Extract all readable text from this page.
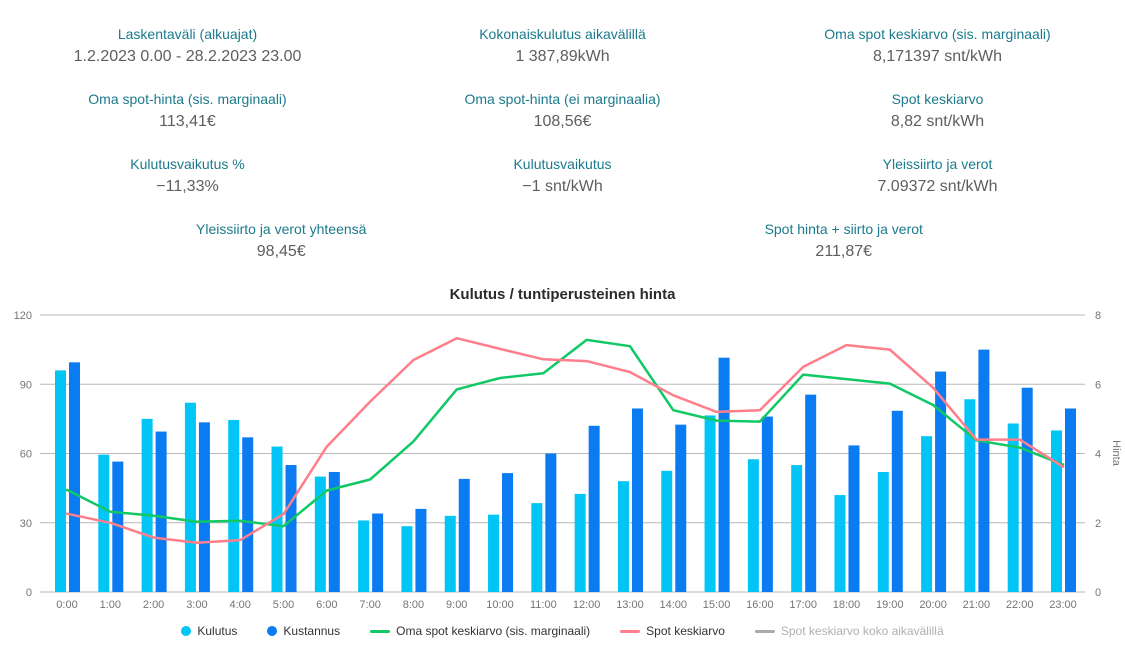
Laskentaväli (alkuajat)
1.2.2023 0.00 - 28.2.2023 23.00
Kokonaiskulutus aikavälillä
1 387,89kWh
Oma spot keskiarvo (sis. marginaali)
8,171397 snt/kWh
Oma spot-hinta (sis. marginaali)
113,41€
Oma spot-hinta (ei marginaalia)
108,56€
Spot keskiarvo
8,82 snt/kWh
Kulutusvaikutus %
−11,33%
Kulutusvaikutus
−1 snt/kWh
Yleissiirto ja verot
7.09372 snt/kWh
Yleissiirto ja verot yhteensä
98,45€
Spot hinta + siirto ja verot
211,87€
Kulutus / tuntiperusteinen hinta
0	0
30	2
60	4
90	6
120	8
Hinta
0:00 1:00 2:00 3:00 4:00 5:00 6:00 7:00 8:00 9:00 10:00 11:00 12:00 13:00 14:00 15:00 16:00 17:00 18:00 19:00 20:00 21:00 22:00 23:00
Kulutus	Kustannus	Oma spot keskiarvo (sis. marginaali)	Spot keskiarvo	Spot keskiarvo koko aikavälillä
